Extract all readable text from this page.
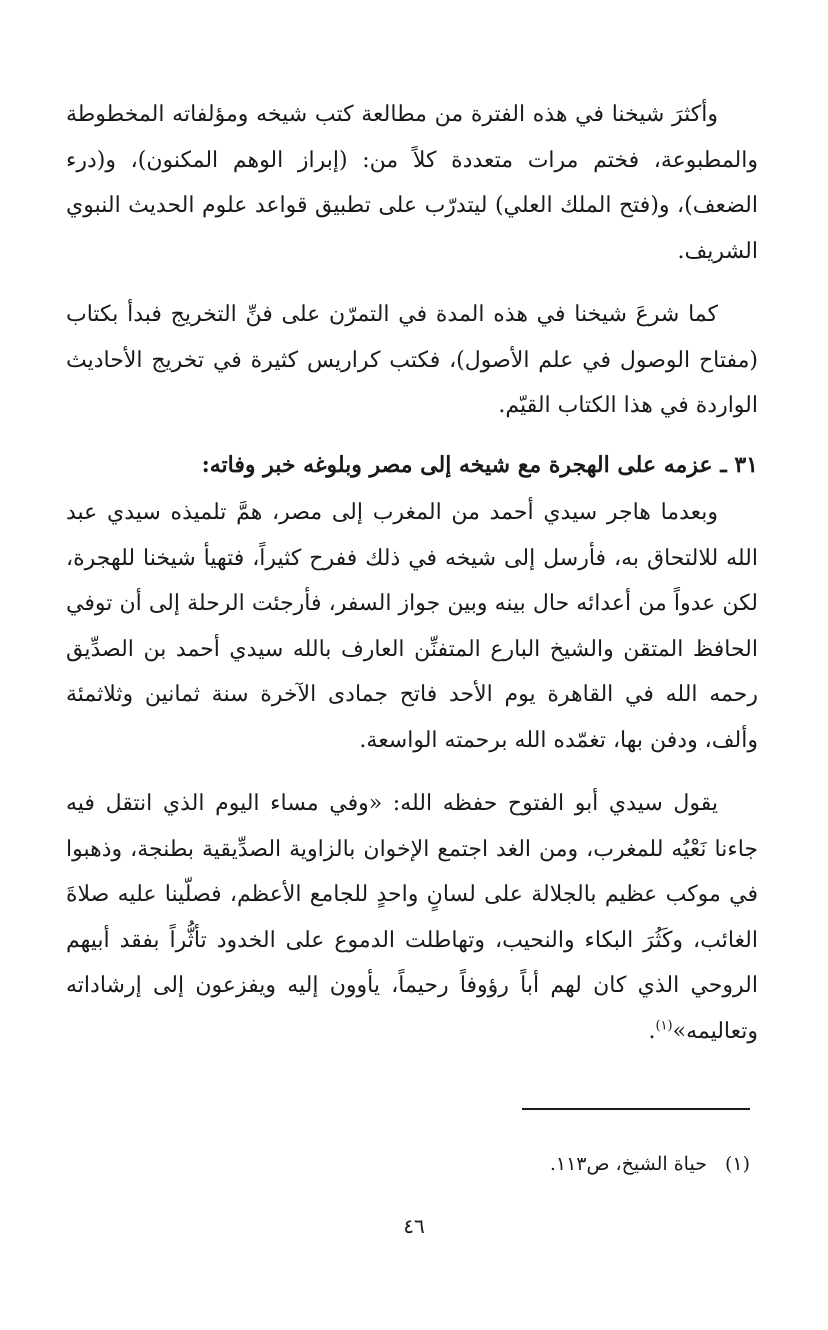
وأكثرَ شيخنا في هذه الفترة من مطالعة كتب شيخه ومؤلفاته المخطوطة والمطبوعة، فختم مرات متعددة كلاً من: (إبراز الوهم المكنون)، و(درء الضعف)، و(فتح الملك العلي) ليتدرّب على تطبيق قواعد علوم الحديث النبوي الشريف.

كما شرعَ شيخنا في هذه المدة في التمرّن على فنِّ التخريج فبدأ بكتاب (مفتاح الوصول في علم الأصول)، فكتب كراريس كثيرة في تخريج الأحاديث الواردة في هذا الكتاب القيّم.

٣١ ـ عزمه على الهجرة مع شيخه إلى مصر وبلوغه خبر وفاته:

وبعدما هاجر سيدي أحمد من المغرب إلى مصر، همَّ تلميذه سيدي عبد الله للالتحاق به، فأرسل إلى شيخه في ذلك ففرح كثيراً، فتهيأ شيخنا للهجرة، لكن عدواً من أعدائه حال بينه وبين جواز السفر، فأرجئت الرحلة إلى أن توفي الحافظ المتقن والشيخ البارع المتفنِّن العارف بالله سيدي أحمد بن الصدِّيق رحمه الله في القاهرة يوم الأحد فاتح جمادى الآخرة سنة ثمانين وثلاثمئة وألف، ودفن بها، تغمّده الله برحمته الواسعة.

يقول سيدي أبو الفتوح حفظه الله: «وفي مساء اليوم الذي انتقل فيه جاءنا نَعْيُه للمغرب، ومن الغد اجتمع الإخوان بالزاوية الصدِّيقية بطنجة، وذهبوا في موكب عظيم بالجلالة على لسانٍ واحدٍ للجامع الأعظم، فصلّينا عليه صلاةَ الغائب، وكَثُرَ البكاء والنحيب، وتهاطلت الدموع على الخدود تأثُّراً بفقد أبيهم الروحي الذي كان لهم أباً رؤوفاً رحيماً، يأوون إليه ويفزعون إلى إرشاداته وتعاليمه»$^{(١)}$.

(١)حياة الشيخ، ص١١٣.
٤٦
